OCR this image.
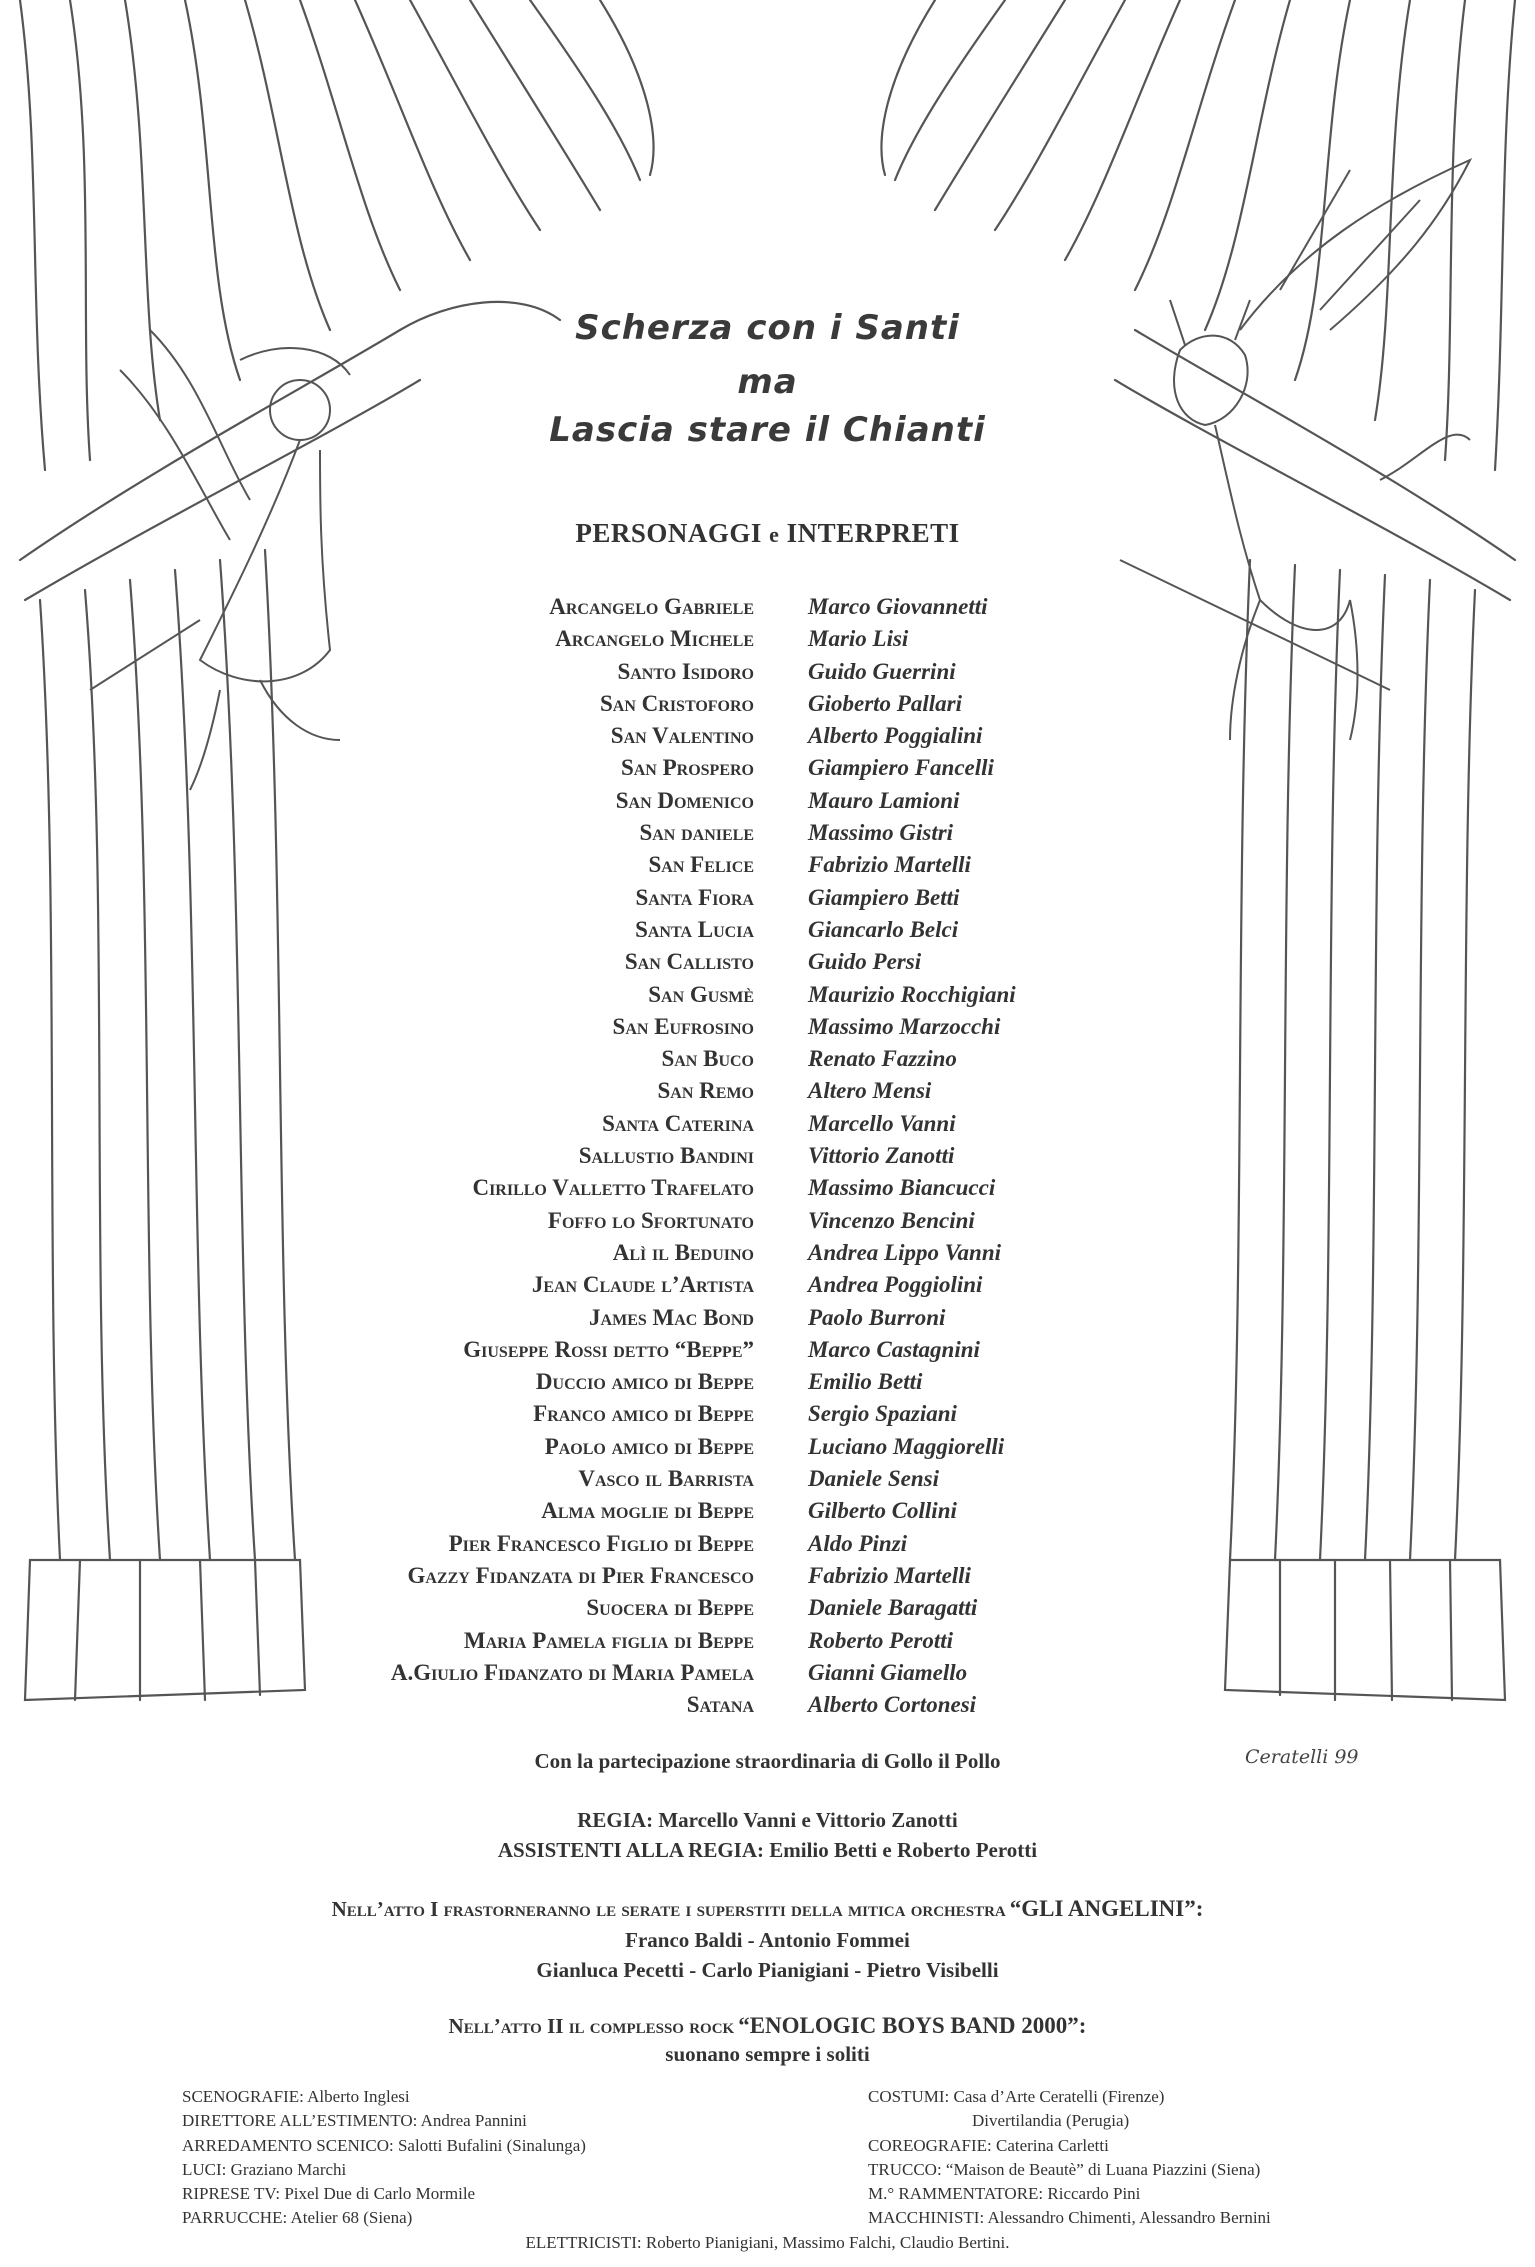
Scherza con i Santi
ma
Lascia stare il Chianti
PERSONAGGI e INTERPRETI
Arcangelo Gabriele Marco Giovannetti
Arcangelo Michele Mario Lisi
Santo Isidoro Guido Guerrini
San Cristoforo Gioberto Pallari
San Valentino Alberto Poggialini
San Prospero Giampiero Fancelli
San Domenico Mauro Lamioni
San daniele Massimo Gistri
San Felice Fabrizio Martelli
Santa Fiora Giampiero Betti
Santa Lucia Giancarlo Belci
San Callisto Guido Persi
San Gusmè Maurizio Rocchigiani
San Eufrosino Massimo Marzocchi
San Buco Renato Fazzino
San Remo Altero Mensi
Santa Caterina Marcello Vanni
Sallustio Bandini Vittorio Zanotti
Cirillo Valletto Trafelato Massimo Biancucci
Foffo lo Sfortunato Vincenzo Bencini
Alì il Beduino Andrea Lippo Vanni
Jean Claude l’Artista Andrea Poggiolini
James Mac Bond Paolo Burroni
Giuseppe Rossi detto “Beppe” Marco Castagnini
Duccio amico di Beppe Emilio Betti
Franco amico di Beppe Sergio Spaziani
Paolo amico di Beppe Luciano Maggiorelli
Vasco il Barrista Daniele Sensi
Alma moglie di Beppe Gilberto Collini
Pier Francesco Figlio di Beppe Aldo Pinzi
Gazzy Fidanzata di Pier Francesco Fabrizio Martelli
Suocera di Beppe Daniele Baragatti
Maria Pamela figlia di Beppe Roberto Perotti
A.Giulio Fidanzato di Maria Pamela Gianni Giamello
Satana Alberto Cortonesi
Ceratelli 99
Con la partecipazione straordinaria di Gollo il Pollo
REGIA: Marcello Vanni e Vittorio Zanotti
ASSISTENTI ALLA REGIA: Emilio Betti e Roberto Perotti
Nell’atto I frastorneranno le serate i superstiti della mitica orchestra “GLI ANGELINI”:
Franco Baldi - Antonio Fommei
Gianluca Pecetti - Carlo Pianigiani - Pietro Visibelli
Nell’atto II il complesso rock “ENOLOGIC BOYS BAND 2000”:
suonano sempre i soliti
SCENOGRAFIE: Alberto Inglesi
DIRETTORE ALL’ESTIMENTO: Andrea Pannini
ARREDAMENTO SCENICO: Salotti Bufalini (Sinalunga)
LUCI: Graziano Marchi
RIPRESE TV: Pixel Due di Carlo Mormile
PARRUCCHE: Atelier 68 (Siena)
COSTUMI: Casa d’Arte Ceratelli (Firenze)
Divertilandia (Perugia)
COREOGRAFIE: Caterina Carletti
TRUCCO: “Maison de Beautè” di Luana Piazzini (Siena)
M.° RAMMENTATORE: Riccardo Pini
MACCHINISTI: Alessandro Chimenti, Alessandro Bernini
ELETTRICISTI: Roberto Pianigiani, Massimo Falchi, Claudio Bertini.
